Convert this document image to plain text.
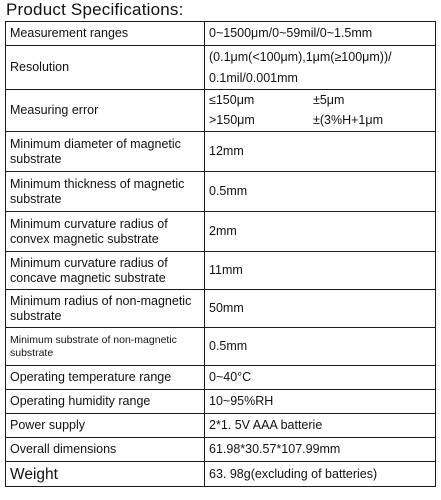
Product Specifications:
Measurement ranges	0~1500μm/0~59mil/0~1.5mm
Resolution	(0.1μm(<100μm),1μm(≥100μm))/
0.1mil/0.001mm

Measuring error	≤150μm ±5μm
>150μm ±(3%H+1μm

Minimum diameter of magnetic substrate	12mm
Minimum thickness of magnetic substrate	0.5mm
Minimum curvature radius of convex magnetic substrate	2mm
Minimum curvature radius of concave magnetic substrate	11mm
Minimum radius of non-magnetic substrate	50mm
Minimum substrate of non-magnetic substrate	0.5mm
Operating temperature range	0~40°C
Operating humidity range	10~95%RH
Power supply	2*1. 5V AAA batterie
Overall dimensions	61.98*30.57*107.99mm
Weight	63. 98g(excluding of batteries)
